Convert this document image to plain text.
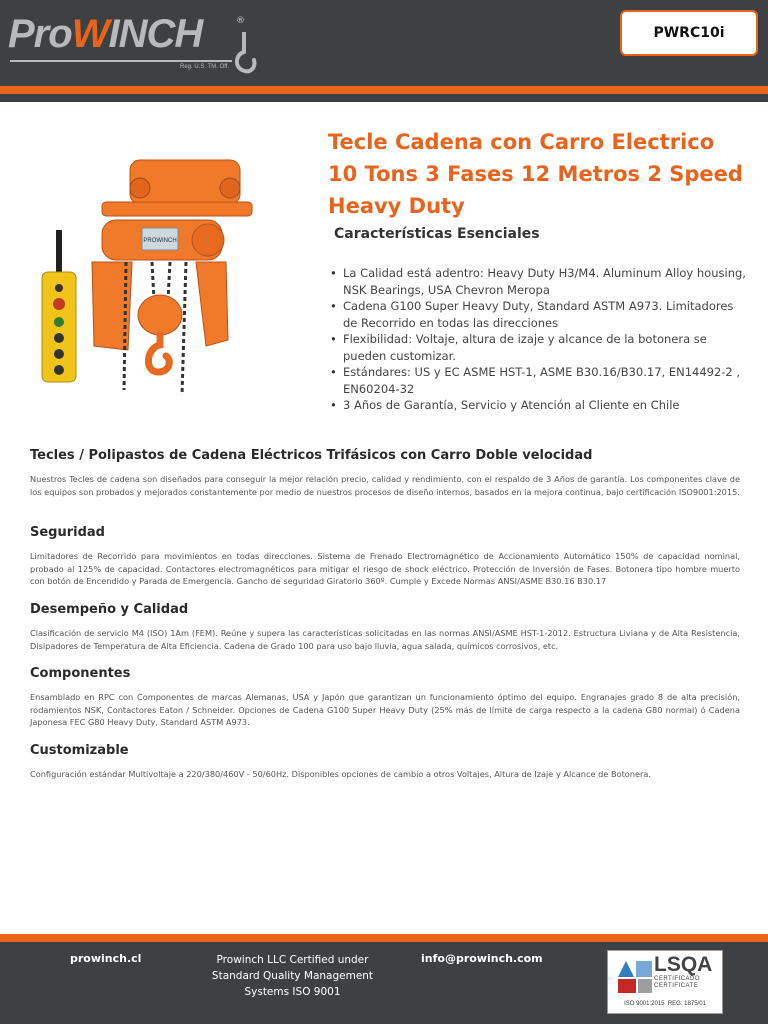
ProWINCH	®
Reg. U.S. TM. Off.
PWRC10i
PROWINCH
Tecle Cadena con Carro Electrico 10 Tons 3 Fases 12 Metros 2 Speed Heavy Duty
Características Esenciales
• La Calidad está adentro: Heavy Duty H3/M4. Aluminum Alloy housing, NSK Bearings, USA Chevron Meropa
• Cadena G100 Super Heavy Duty, Standard ASTM A973. Limitadores de Recorrido en todas las direcciones
• Flexibilidad: Voltaje, altura de izaje y alcance de la botonera se pueden customizar.
• Estándares: US y EC ASME HST-1, ASME B30.16/B30.17, EN14492-2 , EN60204-32
• 3 Años de Garantía, Servicio y Atención al Cliente en Chile
Tecles / Polipastos de Cadena Eléctricos Trifásicos con Carro Doble velocidad

Nuestros Tecles de cadena son diseñados para conseguir la mejor relación precio, calidad y rendimiento, con el respaldo de 3 Años de garantía. Los componentes clave de los equipos son probados y mejorados constantemente por medio de nuestros procesos de diseño internos, basados en la mejora continua, bajo certificación ISO9001:2015.

Seguridad

Limitadores de Recorrido para movimientos en todas direcciones. Sistema de Frenado Electromagnético de Accionamiento Automático 150% de capacidad nominal, probado al 125% de capacidad. Contactores electromagnéticos para mitigar el riesgo de shock eléctrico. Protección de Inversión de Fases. Botonera tipo hombre muerto con botón de Encendido y Parada de Emergencia. Gancho de seguridad Giratorio 360º. Cumple y Excede Normas ANSI/ASME B30.16 B30.17

Desempeño y Calidad

Clasificación de servicio M4 (ISO) 1Am (FEM). Reúne y supera las características solicitadas en las normas ANSI/ASME HST-1-2012. Estructura Liviana y de Alta Resistencia, Disipadores de Temperatura de Alta Eficiencia. Cadena de Grado 100 para uso bajo lluvia, agua salada, químicos corrosivos, etc.

Componentes

Ensamblado en RPC con Componentes de marcas Alemanas, USA y Japón que garantizan un funcionamiento óptimo del equipo. Engranajes grado 8 de alta precisión, rodamientos NSK, Contactores Eaton / Schneider. Opciones de Cadena G100 Super Heavy Duty (25% más de límite de carga respecto a la cadena G80 normal) ó Cadena Japonesa FEC G80 Heavy Duty, Standard ASTM A973.

Customizable

Configuración estándar Multivoltaje a 220/380/460V - 50/60Hz. Disponibles opciones de cambio a otros Voltajes, Altura de Izaje y Alcance de Botonera.

prowinch.cl	Prowinch LLC Certified under Standard Quality Management Systems ISO 9001
info@prowinch.com	LSQA
CERTIFICADO
CERTIFICATE
ISO 9001:2015 REG: 1875/01
